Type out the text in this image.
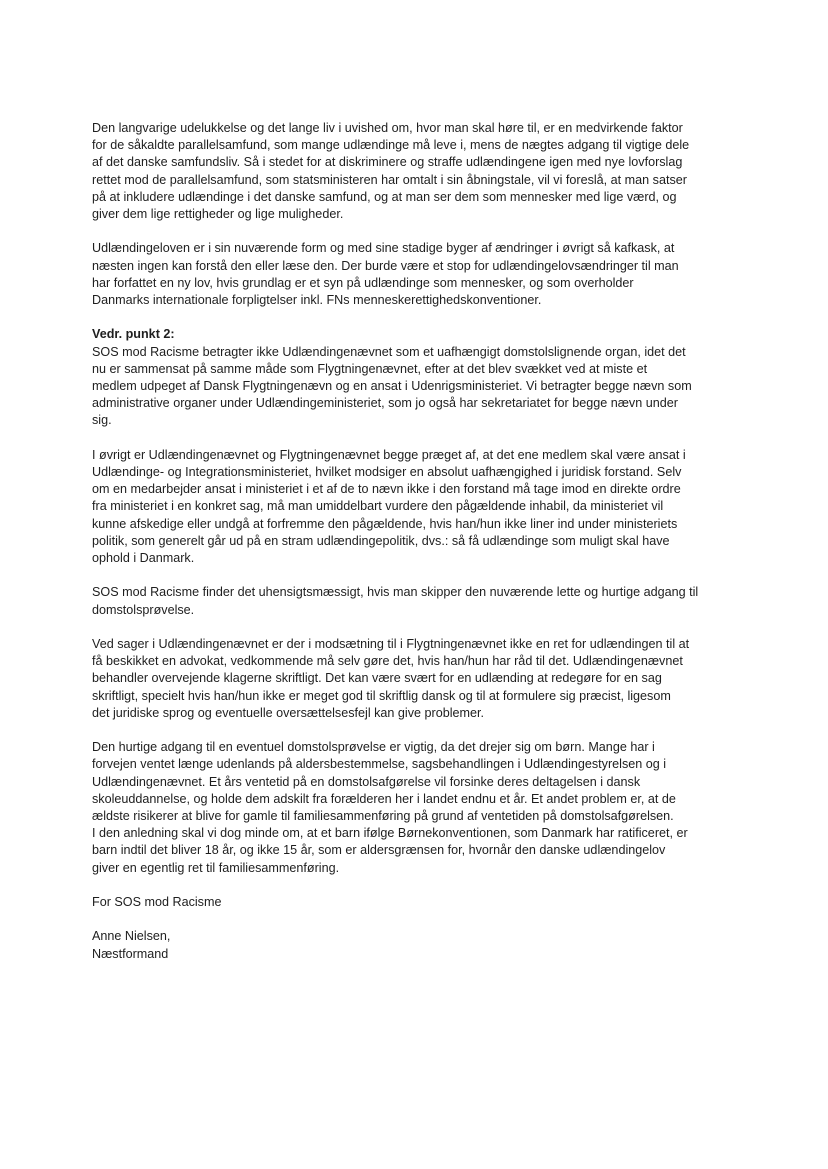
Den langvarige udelukkelse og det lange liv i uvished om, hvor man skal høre til, er en medvirkende faktor
for de såkaldte parallelsamfund, som mange udlændinge må leve i, mens de nægtes adgang til vigtige dele
af det danske samfundsliv. Så i stedet for at diskriminere og straffe udlændingene igen med nye lovforslag
rettet mod de parallelsamfund, som statsministeren har omtalt i sin åbningstale, vil vi foreslå, at man satser
på at inkludere udlændinge i det danske samfund, og at man ser dem som mennesker med lige værd, og
giver dem lige rettigheder og lige muligheder.

Udlændingeloven er i sin nuværende form og med sine stadige byger af ændringer i øvrigt så kafkask, at
næsten ingen kan forstå den eller læse den. Der burde være et stop for udlændingelovsændringer til man
har forfattet en ny lov, hvis grundlag er et syn på udlændinge som mennesker, og som overholder
Danmarks internationale forpligtelser inkl. FNs menneskerettighedskonventioner.

Vedr. punkt 2:
SOS mod Racisme betragter ikke Udlændingenævnet som et uafhængigt domstolslignende organ, idet det
nu er sammensat på samme måde som Flygtningenævnet, efter at det blev svækket ved at miste et
medlem udpeget af Dansk Flygtningenævn og en ansat i Udenrigsministeriet. Vi betragter begge nævn som
administrative organer under Udlændingeministeriet, som jo også har sekretariatet for begge nævn under
sig.

I øvrigt er Udlændingenævnet og Flygtningenævnet begge præget af, at det ene medlem skal være ansat i
Udlændinge- og Integrationsministeriet, hvilket modsiger en absolut uafhængighed i juridisk forstand. Selv
om en medarbejder ansat i ministeriet i et af de to nævn ikke i den forstand må tage imod en direkte ordre
fra ministeriet i en konkret sag, må man umiddelbart vurdere den pågældende inhabil, da ministeriet vil
kunne afskedige eller undgå at forfremme den pågældende, hvis han/hun ikke liner ind under ministeriets
politik, som generelt går ud på en stram udlændingepolitik, dvs.: så få udlændinge som muligt skal have
ophold i Danmark.

SOS mod Racisme finder det uhensigtsmæssigt, hvis man skipper den nuværende lette og hurtige adgang til
domstolsprøvelse.

Ved sager i Udlændingenævnet er der i modsætning til i Flygtningenævnet ikke en ret for udlændingen til at
få beskikket en advokat, vedkommende må selv gøre det, hvis han/hun har råd til det. Udlændingenævnet
behandler overvejende klagerne skriftligt. Det kan være svært for en udlænding at redegøre for en sag
skriftligt, specielt hvis han/hun ikke er meget god til skriftlig dansk og til at formulere sig præcist, ligesom
det juridiske sprog og eventuelle oversættelsesfejl kan give problemer.

Den hurtige adgang til en eventuel domstolsprøvelse er vigtig, da det drejer sig om børn. Mange har i
forvejen ventet længe udenlands på aldersbestemmelse, sagsbehandlingen i Udlændingestyrelsen og i
Udlændingenævnet. Et års ventetid på en domstolsafgørelse vil forsinke deres deltagelsen i dansk
skoleuddannelse, og holde dem adskilt fra forælderen her i landet endnu et år. Et andet problem er, at de
ældste risikerer at blive for gamle til familiesammenføring på grund af ventetiden på domstolsafgørelsen.
I den anledning skal vi dog minde om, at et barn ifølge Børnekonventionen, som Danmark har ratificeret, er
barn indtil det bliver 18 år, og ikke 15 år, som er aldersgrænsen for, hvornår den danske udlændingelov
giver en egentlig ret til familiesammenføring.

For SOS mod Racisme

Anne Nielsen,
Næstformand
